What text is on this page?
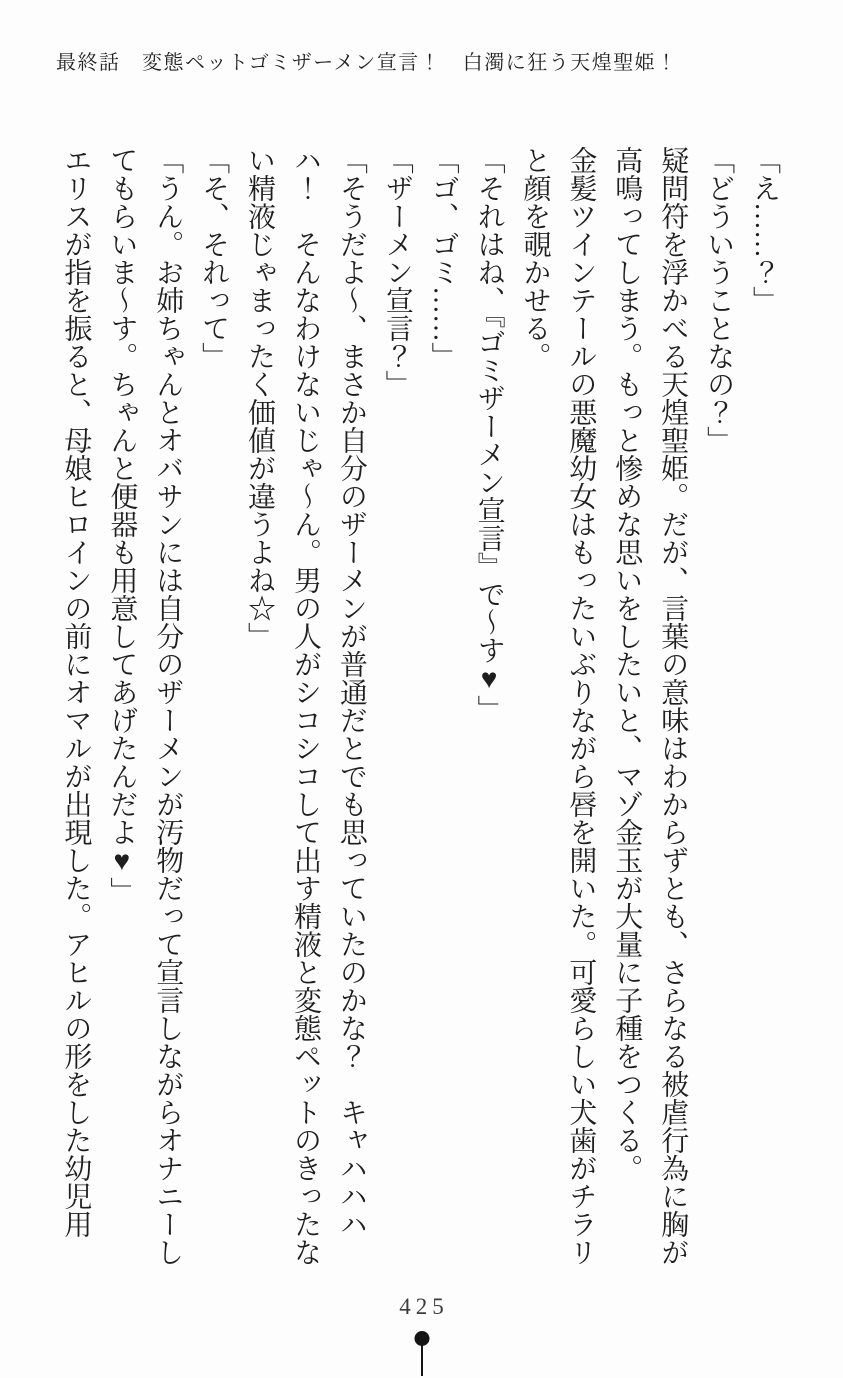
最終話　変態ペットゴミザーメン宣言！　白濁に狂う天煌聖姫！

「え……？」

「どういうことなの？」

疑問符を浮かべる天煌聖姫。だが、言葉の意味はわからずとも、さらなる被虐行為に胸が高鳴ってしまう。もっと惨めな思いをしたいと、マゾ金玉が大量に子種をつくる。

金髪ツインテールの悪魔幼女はもったいぶりながら唇を開いた。可愛らしい犬歯がチラリと顔を覗かせる。

「それはね、『ゴミザーメン宣言』で～す♥」

「ゴ、ゴミ……」

「ザーメン宣言？」

「そうだよ～、まさか自分のザーメンが普通だとでも思っていたのかな？　キャハハハハ！　そんなわけないじゃ～ん。男の人がシコシコして出す精液と変態ペットのきったない精液じゃまったく価値が違うよね☆」

「そ、それって」

「うん。お姉ちゃんとオバサンには自分のザーメンが汚物だって宣言しながらオナニーしてもらいま～す。ちゃんと便器も用意してあげたんだよ♥」

エリスが指を振ると、母娘ヒロインの前にオマルが出現した。アヒルの形をした幼児用

425
